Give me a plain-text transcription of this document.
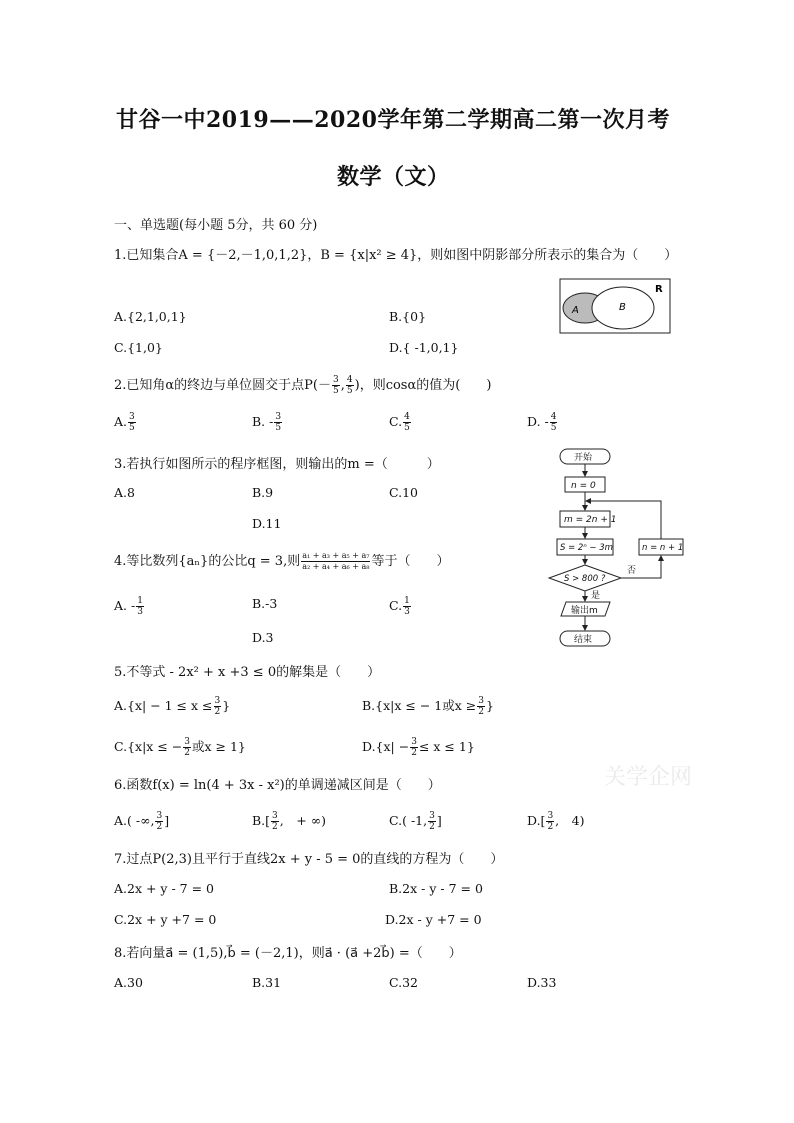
甘谷一中2019——2020学年第二学期高二第一次月考
数学（文）
一、单选题(每小题 5分，共 60 分)
1.已知集合A = {－2,－1,0,1,2}，B = {x|x² ≥ 4}，则如图中阴影部分所表示的集合为（　　）
A.{2,1,0,1}	B.{0}
C.{1,0}	D.{ -1,0,1}
A	B
R
2.已知角α的终边与单位圆交于点$P(- \frac{3}{5}$ , $\frac{4}{5}$ )，则cosα的值为(　　)
A. $\frac{3}{5}$	B. - $\frac{3}{5}$	C. $\frac{4}{5}$	D. - $\frac{4}{5}$
3.若执行如图所示的程序框图，则输出的m =（　　　）
A.8	B.9	C.10
D.11
开始
n = 0
m = 2n + 1
S = 2ⁿ − 3m
S > 800 ?
否
是
n = n + 1
输出m
结束
4.等比数列{aₙ}的公比q = 3,则 $\frac{\text{a₁ + a₃ + a₅ + a₇}}{\text{a₂ + a₄ + a₆ + a₈}}$ 等于（　　）
A. - $\frac{1}{3}$	B.-3	C. $\frac{1}{3}$
D.3
5.不等式 - 2x² + x +3 ≤ 0的解集是（　　）
$A.\{x| - 1 \le x \le \frac{3}{2}$ }	B.{x|x ≤ − 1或$x \ge \frac{3}{2}$ }
C.{x|x ≤ − $\frac{3}{2}$ 或x ≥ 1}	$D.\{x| - \frac{3}{2} \le x \le 1\}$
关学企网
6.函数f(x) = ln(4 + 3x - x²)的单调递减区间是（　　）
A.( -∞, $\frac{3}{2}$ ]	$B.[ \frac{3}{2}$ ,　+ ∞)	C.( -1, $\frac{3}{2}$ ]	$D.[ \frac{3}{2}$ ,　4)
7.过点P(2,3)且平行于直线2x + y - 5 = 0的直线的方程为（　　）
A.2x + y - 7 = 0	B.2x - y - 7 = 0
C.2x + y +7 = 0	D.2x - y +7 = 0
8.若向量a⃗ = (1,5),b⃗ = (－2,1)，则a⃗ · (a⃗ +2b⃗) =（　　）
A.30	B.31	C.32	D.33
